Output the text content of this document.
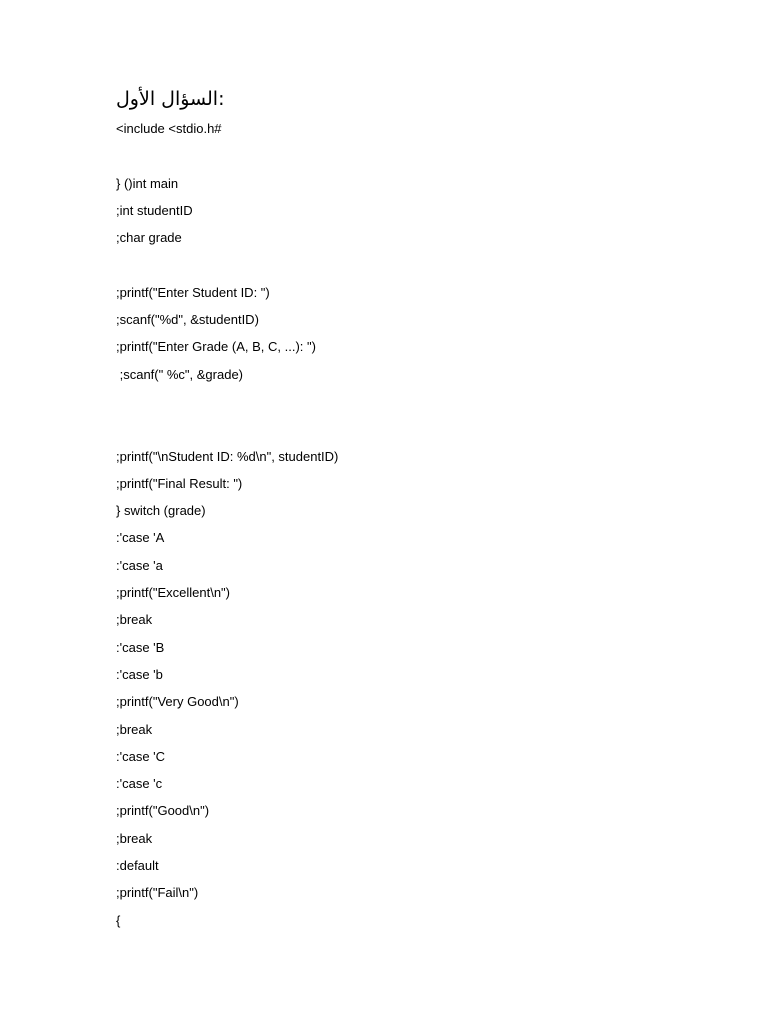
السؤال الأول:
<include <stdio.h#
} ()int main
;int studentID
;char grade
;printf("Enter Student ID: ")
;scanf("%d", &studentID)
;printf("Enter Grade (A, B, C, ...): ")
;scanf(" %c", &grade)
;printf("\nStudent ID: %d\n", studentID)
;printf("Final Result: ")
} switch (grade)
:'case 'A
:'case 'a
;printf("Excellent\n")
;break
:'case 'B
:'case 'b
;printf("Very Good\n")
;break
:'case 'C
:'case 'c
;printf("Good\n")
;break
:default
;printf("Fail\n")
{
